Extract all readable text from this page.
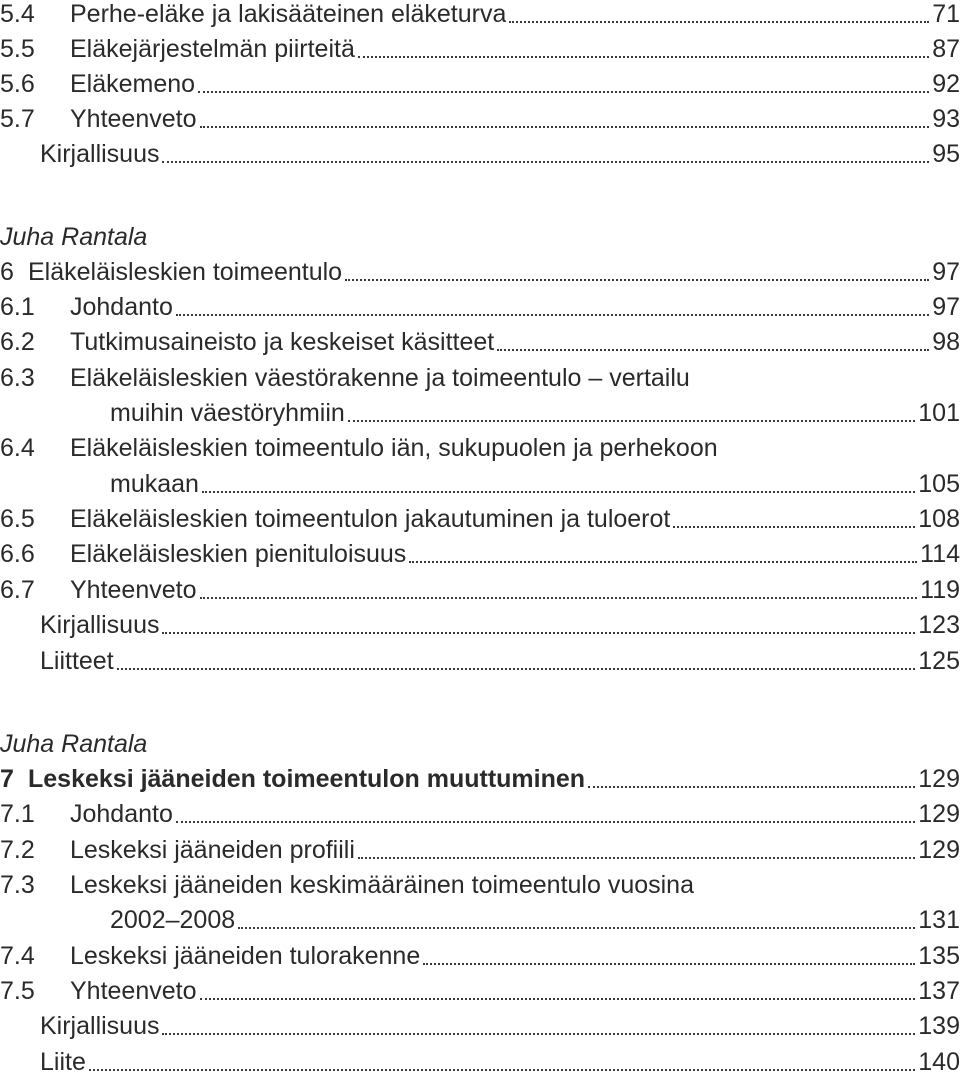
5.4	Perhe-eläke ja lakisääteinen eläketurva	71
5.5	Eläkejärjestelmän piirteitä	87
5.6	Eläkemeno	92
5.7	Yhteenveto	93
Kirjallisuus	95
Juha Rantala
6 Eläkeläisleskien toimeentulo	97
6.1	Johdanto	97
6.2	Tutkimusaineisto ja keskeiset käsitteet	98
6.3	Eläkeläisleskien väestörakenne ja toimeentulo – vertailu
muihin väestöryhmiin	101
6.4	Eläkeläisleskien toimeentulo iän, sukupuolen ja perhekoon
mukaan	105
6.5	Eläkeläisleskien toimeentulon jakautuminen ja tuloerot	108
6.6	Eläkeläisleskien pienituloisuus	114
6.7	Yhteenveto	119
Kirjallisuus	123
Liitteet	125
Juha Rantala
7 Leskeksi jääneiden toimeentulon muuttuminen	129
7.1	Johdanto	129
7.2	Leskeksi jääneiden profiili	129
7.3	Leskeksi jääneiden keskimääräinen toimeentulo vuosina
2002–2008	131
7.4	Leskeksi jääneiden tulorakenne	135
7.5	Yhteenveto	137
Kirjallisuus	139
Liite	140
